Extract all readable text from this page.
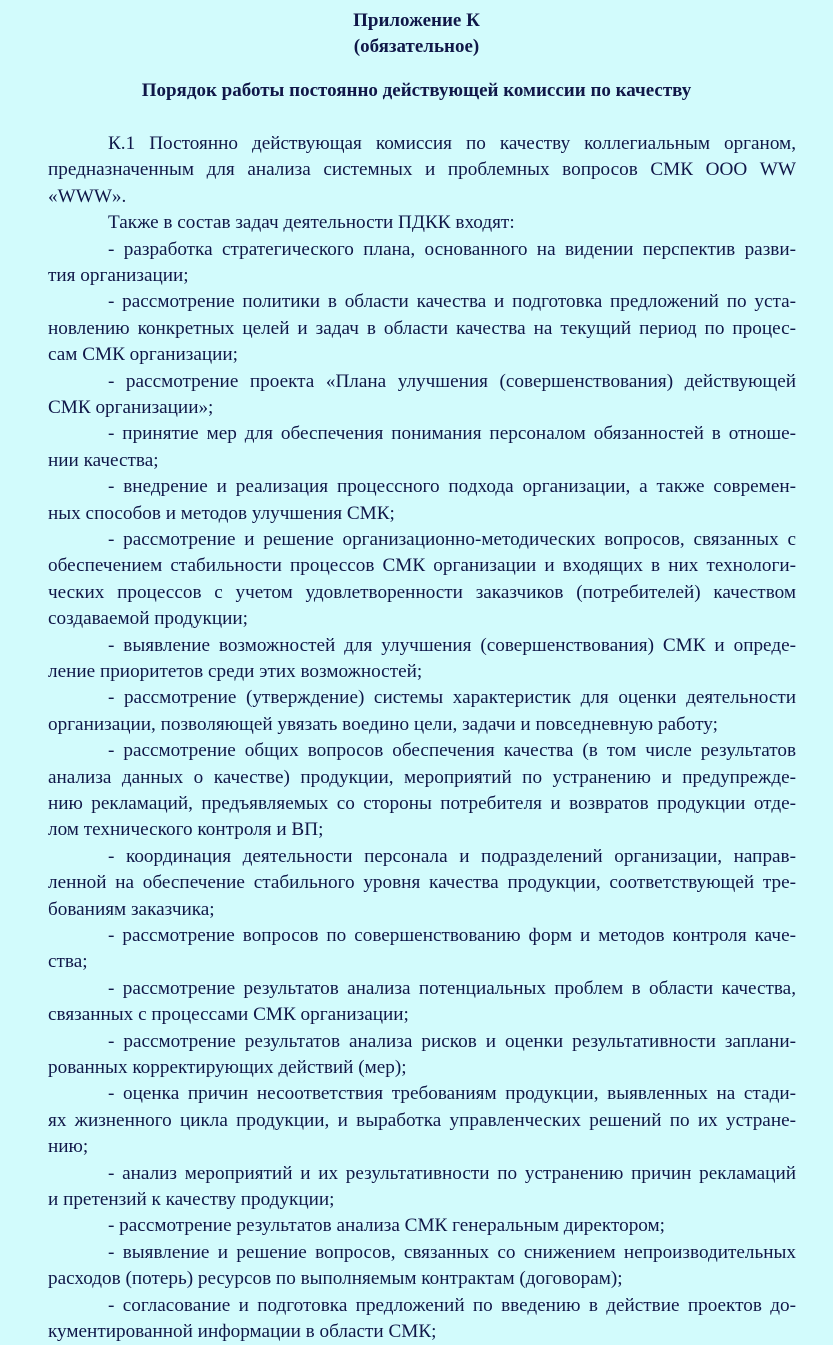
Приложение К
(обязательное)
Порядок работы постоянно действующей комиссии по качеству
К.1 Постоянно действующая комиссия по качеству коллегиальным органом,
предназначенным для анализа системных и проблемных вопросов СМК ООО WW
«WWW».
Также в состав задач деятельности ПДКК входят:
- разработка стратегического плана, основанного на видении перспектив разви-
тия организации;
- рассмотрение политики в области качества и подготовка предложений по уста-
новлению конкретных целей и задач в области качества на текущий период по процес-
сам СМК организации;
- рассмотрение проекта «Плана улучшения (совершенствования) действующей
СМК организации»;
- принятие мер для обеспечения понимания персоналом обязанностей в отноше-
нии качества;
- внедрение и реализация процессного подхода организации, а также современ-
ных способов и методов улучшения СМК;
- рассмотрение и решение организационно-методических вопросов, связанных с
обеспечением стабильности процессов СМК организации и входящих в них технологи-
ческих процессов с учетом удовлетворенности заказчиков (потребителей) качеством
создаваемой продукции;
- выявление возможностей для улучшения (совершенствования) СМК и опреде-
ление приоритетов среди этих возможностей;
- рассмотрение (утверждение) системы характеристик для оценки деятельности
организации, позволяющей увязать воедино цели, задачи и повседневную работу;
- рассмотрение общих вопросов обеспечения качества (в том числе результатов
анализа данных о качестве) продукции, мероприятий по устранению и предупрежде-
нию рекламаций, предъявляемых со стороны потребителя и возвратов продукции отде-
лом технического контроля и ВП;
- координация деятельности персонала и подразделений организации, направ-
ленной на обеспечение стабильного уровня качества продукции, соответствующей тре-
бованиям заказчика;
- рассмотрение вопросов по совершенствованию форм и методов контроля каче-
ства;
- рассмотрение результатов анализа потенциальных проблем в области качества,
связанных с процессами СМК организации;
- рассмотрение результатов анализа рисков и оценки результативности заплани-
рованных корректирующих действий (мер);
- оценка причин несоответствия требованиям продукции, выявленных на стади-
ях жизненного цикла продукции, и выработка управленческих решений по их устране-
нию;
- анализ мероприятий и их результативности по устранению причин рекламаций
и претензий к качеству продукции;
- рассмотрение результатов анализа СМК генеральным директором;
- выявление и решение вопросов, связанных со снижением непроизводительных
расходов (потерь) ресурсов по выполняемым контрактам (договорам);
- согласование и подготовка предложений по введению в действие проектов до-
кументированной информации в области СМК;
